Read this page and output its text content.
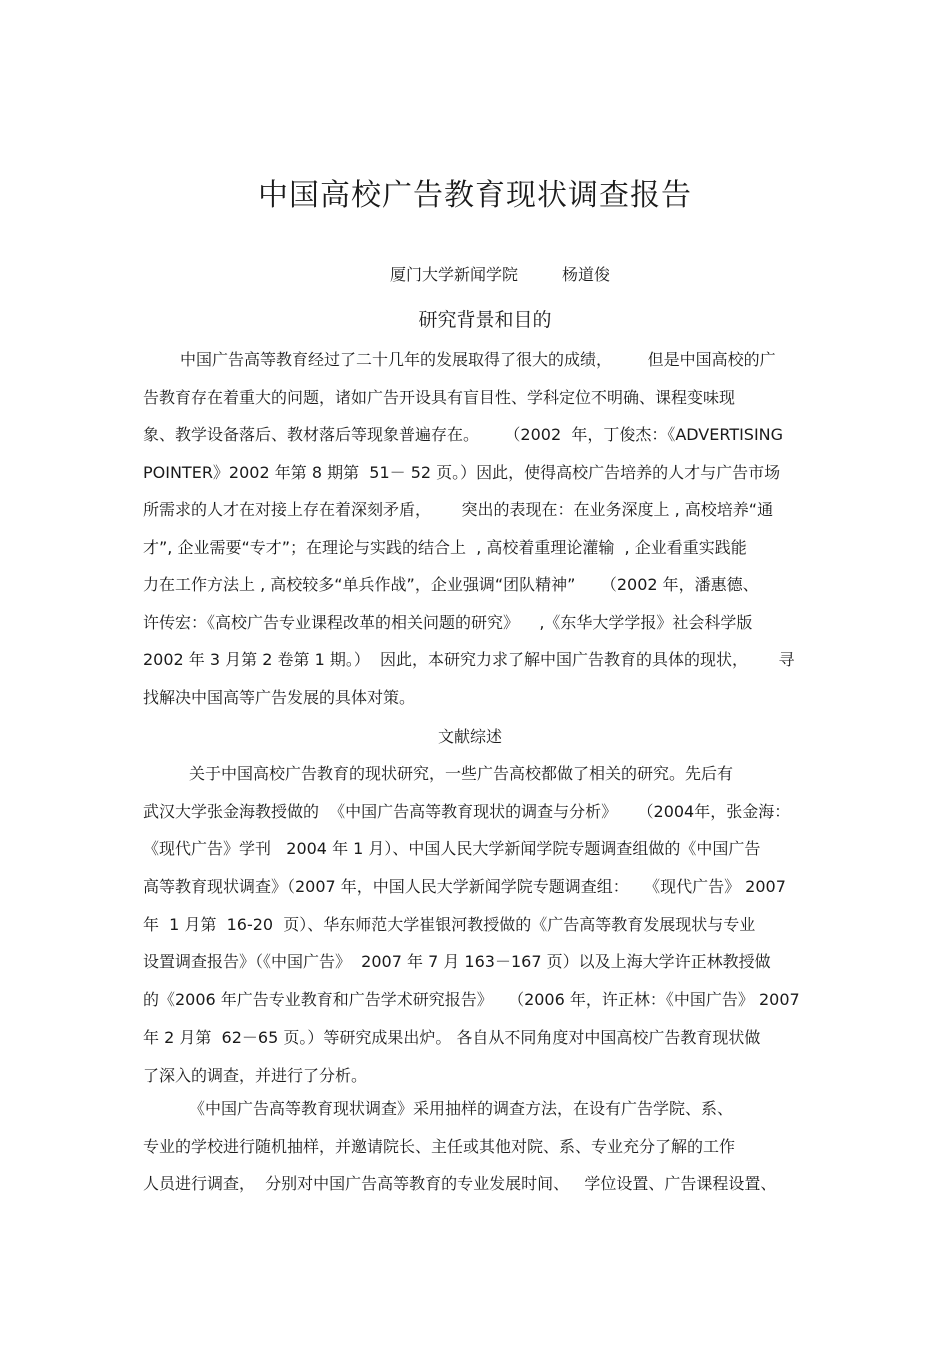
中国高校广告教育现状调查报告
厦门大学新闻学院	杨道俊
研究背景和目的
中国广告高等教育经过了二十几年的发展取得了很大的成绩，       但是中国高校的广
告教育存在着重大的问题，诸如广告开设具有盲目性、学科定位不明确、课程变味现
象、教学设备落后、教材落后等现象普遍存在。     （2002  年，丁俊杰：《ADVERTISING
POINTER》2002 年第 8 期第  51－ 52 页。）因此，使得高校广告培养的人才与广告市场
所需求的人才在对接上存在着深刻矛盾，      突出的表现在：在业务深度上 , 高校培养“通
才”, 企业需要“专才”；在理论与实践的结合上  , 高校着重理论灌输  , 企业看重实践能
力在工作方法上 , 高校较多“单兵作战”，企业强调“团队精神”     （2002 年，潘惠德、
许传宏：《高校广告专业课程改革的相关问题的研究》    ,《东华大学学报》社会科学版
2002 年 3 月第 2 卷第 1 期。）  因此，本研究力求了解中国广告教育的具体的现状，      寻
找解决中国高等广告发展的具体对策。
文献综述
关于中国高校广告教育的现状研究，一些广告高校都做了相关的研究。先后有
武汉大学张金海教授做的  《中国广告高等教育现状的调查与分析》    （2004年，张金海：
《现代广告》学刊   2004 年 1 月）、中国人民大学新闻学院专题调查组做的《中国广告
高等教育现状调查》（2007 年，中国人民大学新闻学院专题调查组：   《现代广告》 2007
年  1 月第  16-20  页）、华东师范大学崔银河教授做的《广告高等教育发展现状与专业
设置调查报告》（《中国广告》  2007 年 7 月 163－167 页）以及上海大学许正林教授做
的《2006 年广告专业教育和广告学术研究报告》   （2006 年，许正林：《中国广告》 2007
年 2 月第  62－65 页。）等研究成果出炉。 各自从不同角度对中国高校广告教育现状做
了深入的调查，并进行了分析。
《中国广告高等教育现状调查》采用抽样的调查方法，在设有广告学院、系、
专业的学校进行随机抽样，并邀请院长、主任或其他对院、系、专业充分了解的工作
人员进行调查，  分别对中国广告高等教育的专业发展时间、   学位设置、广告课程设置、
